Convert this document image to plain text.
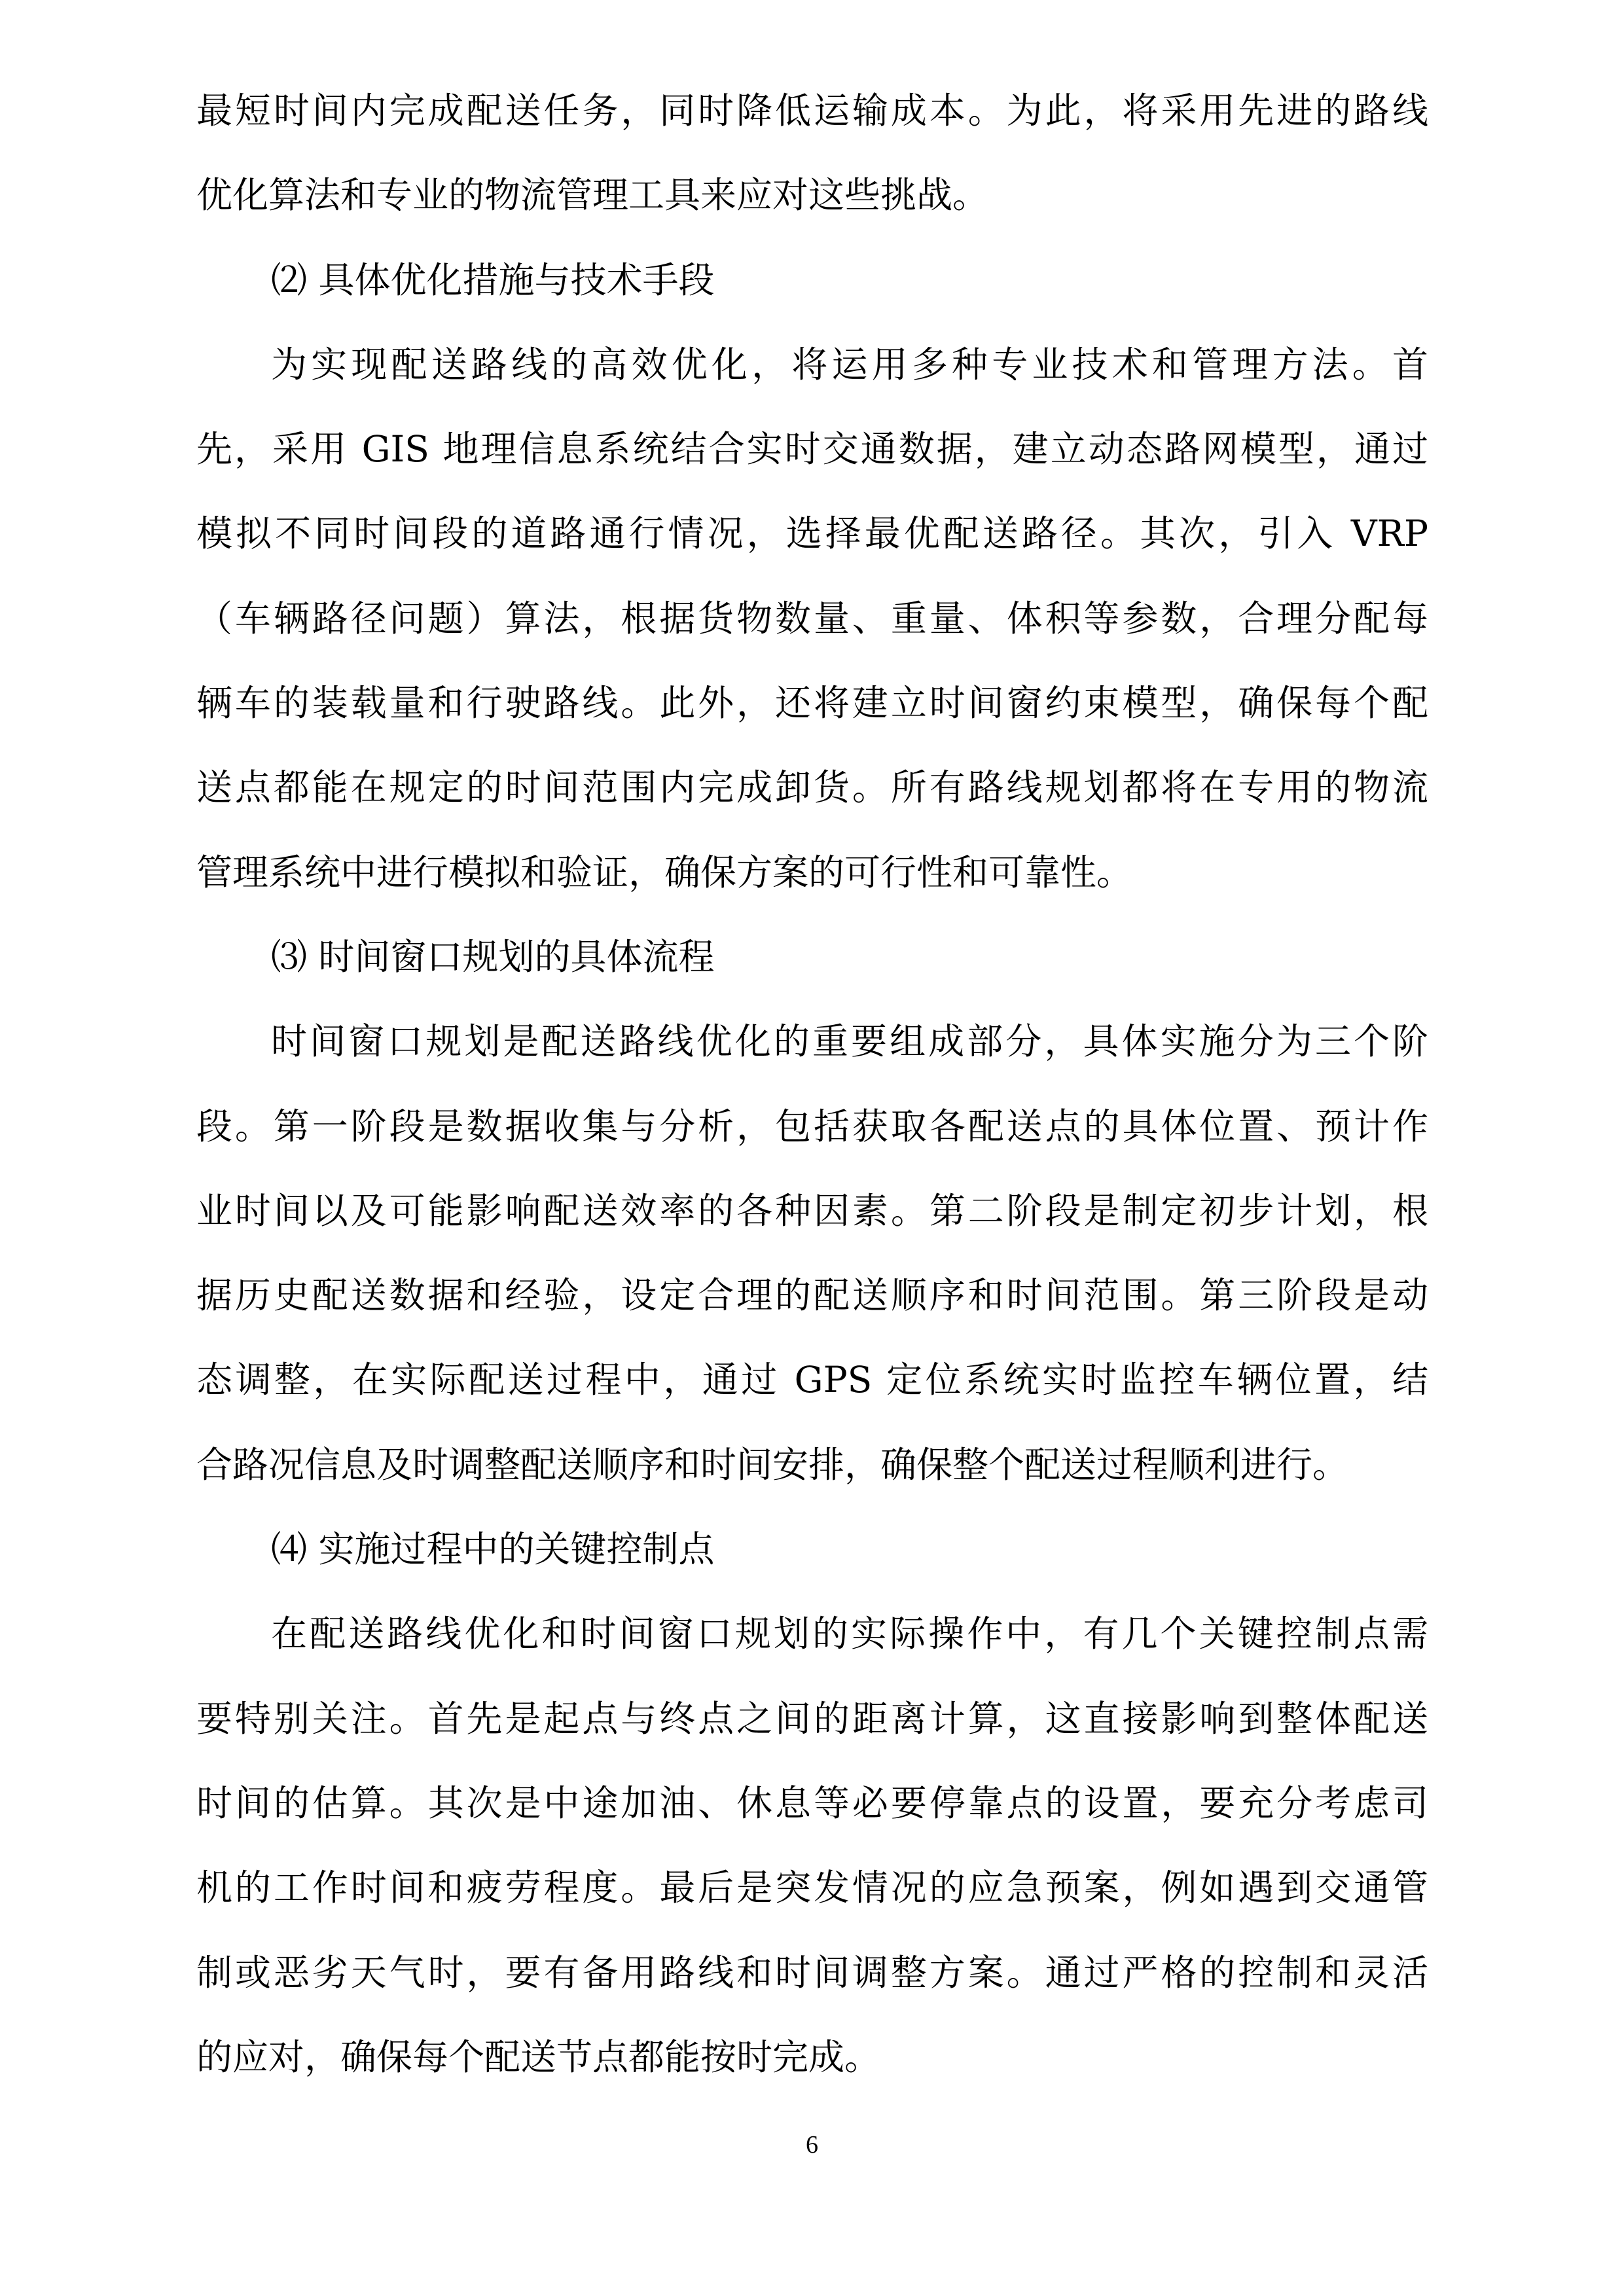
最短时间内完成配送任务，同时降低运输成本。为此，将采用先进的路线
优化算法和专业的物流管理工具来应对这些挑战。
⑵ 具体优化措施与技术手段
为实现配送路线的高效优化，将运用多种专业技术和管理方法。首
先，采用 GIS 地理信息系统结合实时交通数据，建立动态路网模型，通过
模拟不同时间段的道路通行情况，选择最优配送路径。其次，引入 VRP
（车辆路径问题）算法，根据货物数量、重量、体积等参数，合理分配每
辆车的装载量和行驶路线。此外，还将建立时间窗约束模型，确保每个配
送点都能在规定的时间范围内完成卸货。所有路线规划都将在专用的物流
管理系统中进行模拟和验证，确保方案的可行性和可靠性。
⑶ 时间窗口规划的具体流程
时间窗口规划是配送路线优化的重要组成部分，具体实施分为三个阶
段。第一阶段是数据收集与分析，包括获取各配送点的具体位置、预计作
业时间以及可能影响配送效率的各种因素。第二阶段是制定初步计划，根
据历史配送数据和经验，设定合理的配送顺序和时间范围。第三阶段是动
态调整，在实际配送过程中，通过 GPS 定位系统实时监控车辆位置，结
合路况信息及时调整配送顺序和时间安排，确保整个配送过程顺利进行。
⑷ 实施过程中的关键控制点
在配送路线优化和时间窗口规划的实际操作中，有几个关键控制点需
要特别关注。首先是起点与终点之间的距离计算，这直接影响到整体配送
时间的估算。其次是中途加油、休息等必要停靠点的设置，要充分考虑司
机的工作时间和疲劳程度。最后是突发情况的应急预案，例如遇到交通管
制或恶劣天气时，要有备用路线和时间调整方案。通过严格的控制和灵活
的应对，确保每个配送节点都能按时完成。
6
